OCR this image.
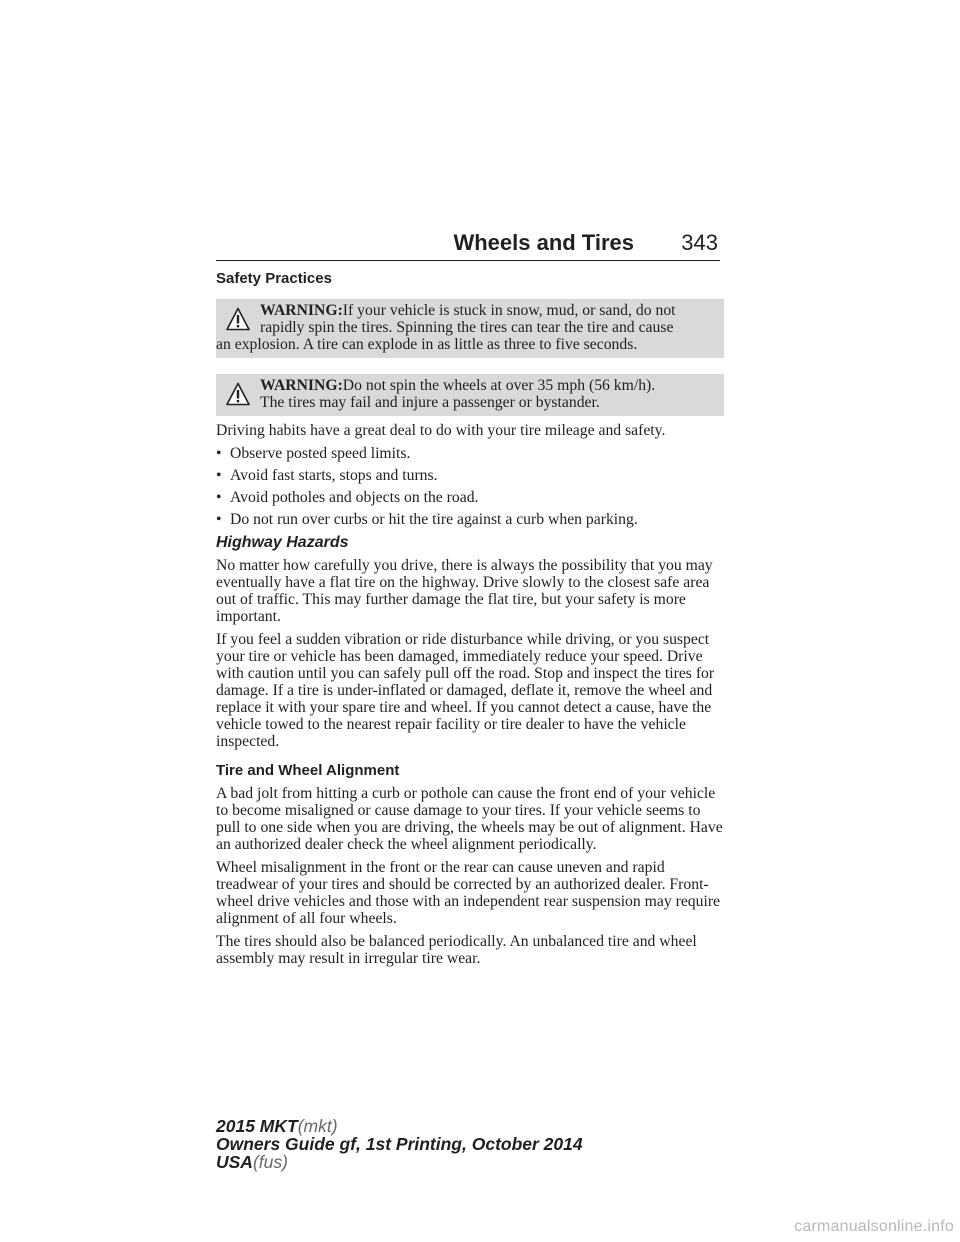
Wheels and Tires 343
Safety Practices
WARNING:If your vehicle is stuck in snow, mud, or sand, do not
rapidly spin the tires. Spinning the tires can tear the tire and cause
an explosion. A tire can explode in as little as three to five seconds.
WARNING:Do not spin the wheels at over 35 mph (56 km/h).
The tires may fail and injure a passenger or bystander.

Driving habits have a great deal to do with your tire mileage and safety.

• Observe posted speed limits.
• Avoid fast starts, stops and turns.
• Avoid potholes and objects on the road.
• Do not run over curbs or hit the tire against a curb when parking.
Highway Hazards

No matter how carefully you drive, there is always the possibility that you may eventually have a flat tire on the highway. Drive slowly to the closest safe area out of traffic. This may further damage the flat tire, but your safety is more important.

If you feel a sudden vibration or ride disturbance while driving, or you suspect your tire or vehicle has been damaged, immediately reduce your speed. Drive with caution until you can safely pull off the road. Stop and inspect the tires for damage. If a tire is under-inflated or damaged, deflate it, remove the wheel and replace it with your spare tire and wheel. If you cannot detect a cause, have the vehicle towed to the nearest repair facility or tire dealer to have the vehicle inspected.

Tire and Wheel Alignment

A bad jolt from hitting a curb or pothole can cause the front end of your vehicle to become misaligned or cause damage to your tires. If your vehicle seems to pull to one side when you are driving, the wheels may be out of alignment. Have an authorized dealer check the wheel alignment periodically.

Wheel misalignment in the front or the rear can cause uneven and rapid treadwear of your tires and should be corrected by an authorized dealer. Front-wheel drive vehicles and those with an independent rear suspension may require alignment of all four wheels.

The tires should also be balanced periodically. An unbalanced tire and wheel assembly may result in irregular tire wear.

2015 MKT(mkt)
Owners Guide gf, 1st Printing, October 2014
USA(fus)
carmanualsonline.info
